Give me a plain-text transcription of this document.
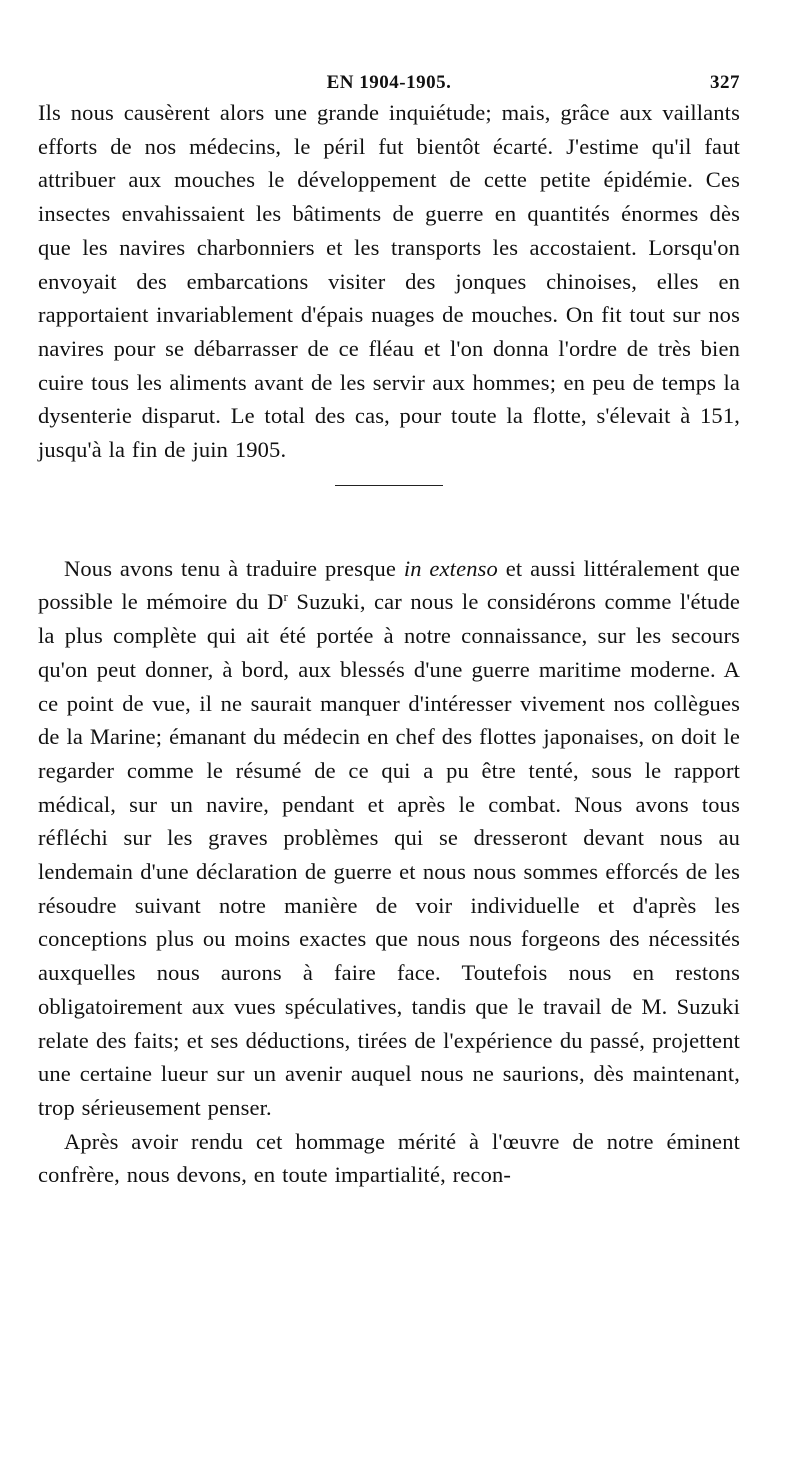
EN 1904-1905.	327

Ils nous causèrent alors une grande inquiétude; mais, grâce aux vaillants efforts de nos médecins, le péril fut bientôt écarté. J'estime qu'il faut attribuer aux mouches le développement de cette petite épidémie. Ces insectes envahissaient les bâtiments de guerre en quantités énormes dès que les navires charbonniers et les transports les accostaient. Lorsqu'on envoyait des embarcations visiter des jonques chinoises, elles en rapportaient invariablement d'épais nuages de mouches. On fit tout sur nos navires pour se débarrasser de ce fléau et l'on donna l'ordre de très bien cuire tous les aliments avant de les servir aux hommes; en peu de temps la dysenterie disparut. Le total des cas, pour toute la flotte, s'élevait à 151, jusqu'à la fin de juin 1905.

Nous avons tenu à traduire presque in extenso et aussi littéralement que possible le mémoire du $D^r$ Suzuki, car nous le considérons comme l'étude la plus complète qui ait été portée à notre connaissance, sur les secours qu'on peut donner, à bord, aux blessés d'une guerre maritime moderne. A ce point de vue, il ne saurait manquer d'intéresser vivement nos collègues de la Marine; émanant du médecin en chef des flottes japonaises, on doit le regarder comme le résumé de ce qui a pu être tenté, sous le rapport médical, sur un navire, pendant et après le combat. Nous avons tous réfléchi sur les graves problèmes qui se dresseront devant nous au lendemain d'une déclaration de guerre et nous nous sommes efforcés de les résoudre suivant notre manière de voir individuelle et d'après les conceptions plus ou moins exactes que nous nous forgeons des nécessités auxquelles nous aurons à faire face. Toutefois nous en restons obligatoirement aux vues spéculatives, tandis que le travail de M. Suzuki relate des faits; et ses déductions, tirées de l'expérience du passé, projettent une certaine lueur sur un avenir auquel nous ne saurions, dès maintenant, trop sérieusement penser.

Après avoir rendu cet hommage mérité à l'œuvre de notre éminent confrère, nous devons, en toute impartialité, recon-
